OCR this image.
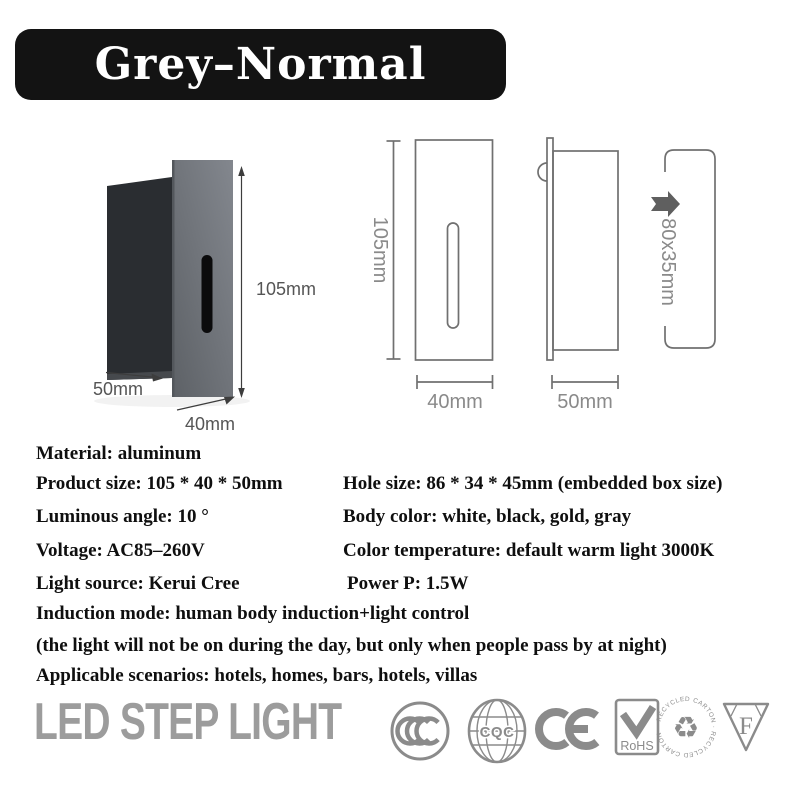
Grey–Normal
105mm
50mm
40mm
105mm
40mm	50mm
80x35mm
CQC
RoHS
· RECYCLED CARTON · RECYCLED CARTON ♻ F
Material: aluminum
Product size: 105 * 40 * 50mm	Hole size: 86 * 34 * 45mm (embedded box size)
Luminous angle: 10 °	Body color: white, black, gold, gray
Voltage: AC85–260V	Color temperature: default warm light 3000K
Light source: Kerui Cree	Power P: 1.5W
Induction mode: human body induction+light control
(the light will not be on during the day, but only when people pass by at night)
Applicable scenarios: hotels, homes, bars, hotels, villas
LED STEP LIGHT
